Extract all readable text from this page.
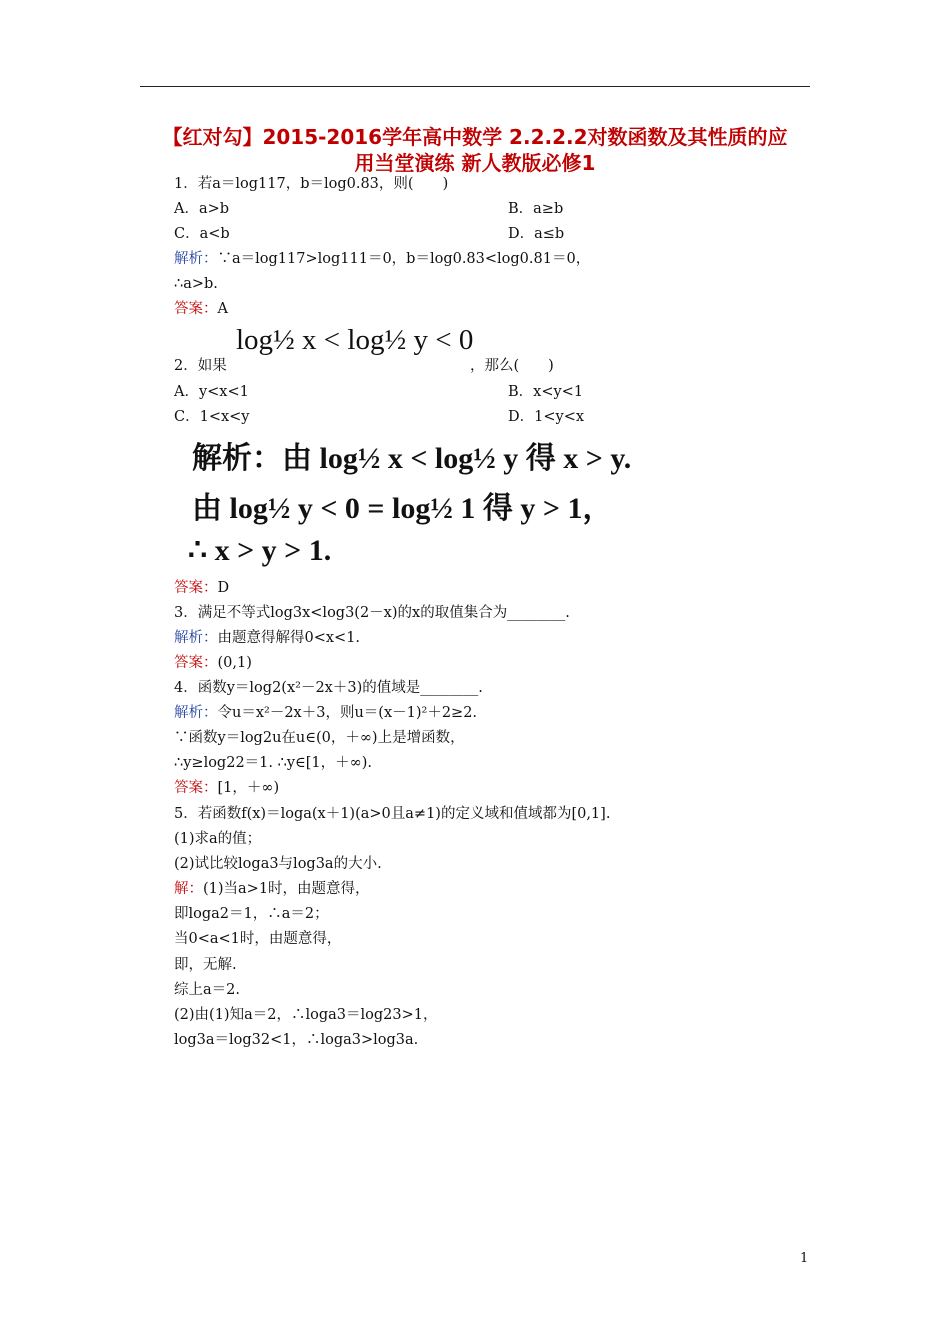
【红对勾】2015-2016学年高中数学 2.2.2.2对数函数及其性质的应
用当堂演练 新人教版必修1
1．若a＝log117，b＝log0.83，则(　　)
A．a>b	B．a≥b
C．a<b	D．a≤b
解析：∵a＝log117>log111＝0，b＝log0.83<log0.81＝0，
∴a>b.
答案：A
log½ x < log½ y < 0
2．如果	，那么(　　)
A．y<x<1	B．x<y<1
C．1<x<y	D．1<y<x
解析：由 log½ x < log½ y 得 x > y.
由 log½ y < 0 = log½ 1 得 y > 1，
∴ x > y > 1.
答案：D
3．满足不等式log3x<log3(2－x)的x的取值集合为________.
解析：由题意得解得0<x<1.
答案：(0,1)
4．函数y＝log2(x²－2x＋3)的值域是________.
解析：令u＝x²－2x＋3，则u＝(x－1)²＋2≥2.
∵函数y＝log2u在u∈(0，＋∞)上是增函数，
∴y≥log22＝1. ∴y∈[1，＋∞).
答案：[1，＋∞)
5．若函数f(x)＝loga(x＋1)(a>0且a≠1)的定义域和值域都为[0,1].
(1)求a的值；
(2)试比较loga3与log3a的大小.
解：(1)当a>1时，由题意得，
即loga2＝1，∴a＝2；
当0<a<1时，由题意得，
即，无解.
综上a＝2.
(2)由(1)知a＝2，∴loga3＝log23>1，
log3a＝log32<1，∴loga3>log3a.
1
